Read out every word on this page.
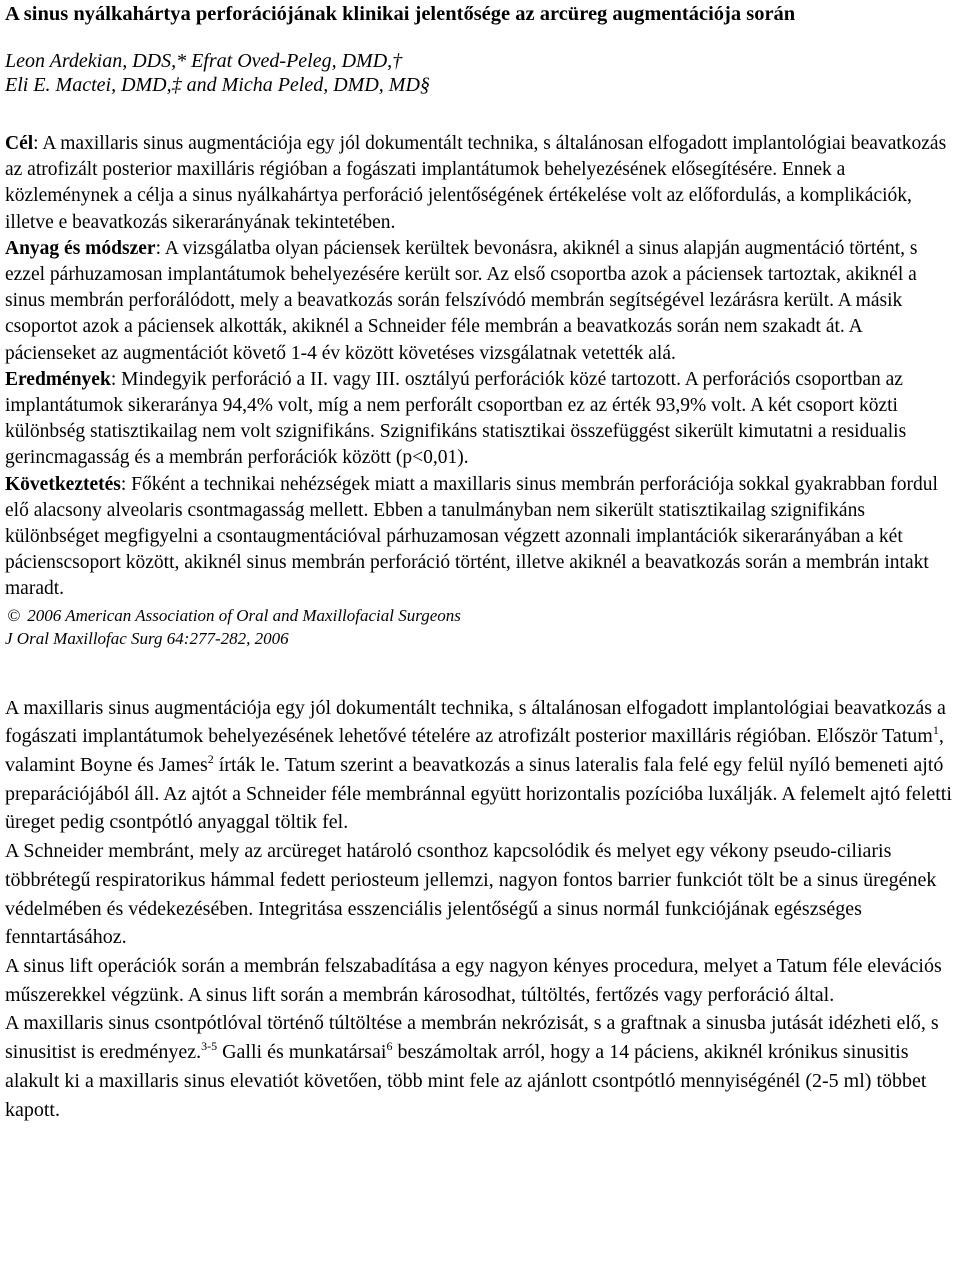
A sinus nyálkahártya perforációjának klinikai jelentősége az arcüreg augmentációja során
Leon Ardekian, DDS,* Efrat Oved-Peleg, DMD,†
Eli E. Mactei, DMD,‡ and Micha Peled, DMD, MD§

Cél: A maxillaris sinus augmentációja egy jól dokumentált technika, s általánosan elfogadott implantológiai beavatkozás az atrofizált posterior maxilláris régióban a fogászati implantátumok behelyezésének elősegítésére. Ennek a közleménynek a célja a sinus nyálkahártya perforáció jelentőségének értékelése volt az előfordulás, a komplikációk, illetve e beavatkozás sikerarányának tekintetében.

Anyag és módszer: A vizsgálatba olyan páciensek kerültek bevonásra, akiknél a sinus alapján augmentáció történt, s ezzel párhuzamosan implantátumok behelyezésére került sor. Az első csoportba azok a páciensek tartoztak, akiknél a sinus membrán perforálódott, mely a beavatkozás során felszívódó membrán segítségével lezárásra került. A másik csoportot azok a páciensek alkották, akiknél a Schneider féle membrán a beavatkozás során nem szakadt át. A pácienseket az augmentációt követő 1-4 év között követéses vizsgálatnak vetették alá.

Eredmények: Mindegyik perforáció a II. vagy III. osztályú perforációk közé tartozott. A perforációs csoportban az implantátumok sikeraránya 94,4% volt, míg a nem perforált csoportban ez az érték 93,9% volt. A két csoport közti különbség statisztikailag nem volt szignifikáns. Szignifikáns statisztikai összefüggést sikerült kimutatni a residualis gerincmagasság és a membrán perforációk között (p<0,01).

Következtetés: Főként a technikai nehézségek miatt a maxillaris sinus membrán perforációja sokkal gyakrabban fordul elő alacsony alveolaris csontmagasság mellett. Ebben a tanulmányban nem sikerült statisztikailag szignifikáns különbséget megfigyelni a csontaugmentációval párhuzamosan végzett azonnali implantációk sikerarányában a két pácienscsoport között, akiknél sinus membrán perforáció történt, illetve akiknél a beavatkozás során a membrán intakt maradt.

© 2006 American Association of Oral and Maxillofacial Surgeons
J Oral Maxillofac Surg 64:277-282, 2006

A maxillaris sinus augmentációja egy jól dokumentált technika, s általánosan elfogadott implantológiai beavatkozás a fogászati implantátumok behelyezésének lehetővé tételére az atrofizált posterior maxilláris régióban. Először Tatum$^1$, valamint Boyne és James$^2$ írták le. Tatum szerint a beavatkozás a sinus lateralis fala felé egy felül nyíló bemeneti ajtó preparációjából áll. Az ajtót a Schneider féle membránnal együtt horizontalis pozícióba luxálják. A felemelt ajtó feletti üreget pedig csontpótló anyaggal töltik fel.

A Schneider membránt, mely az arcüreget határoló csonthoz kapcsolódik és melyet egy vékony pseudo-ciliaris többrétegű respiratorikus hámmal fedett periosteum jellemzi, nagyon fontos barrier funkciót tölt be a sinus üregének védelmében és védekezésében. Integritása esszenciális jelentőségű a sinus normál funkciójának egészséges fenntartásához.

A sinus lift operációk során a membrán felszabadítása a egy nagyon kényes procedura, melyet a Tatum féle elevációs műszerekkel végzünk. A sinus lift során a membrán károsodhat, túltöltés, fertőzés vagy perforáció által.

A maxillaris sinus csontpótlóval történő túltöltése a membrán nekrózisát, s a graftnak a sinusba jutását idézheti elő, s sinusitist is eredményez.$^{3-5}$ Galli és munkatársai$^6$ beszámoltak arról, hogy a 14 páciens, akiknél krónikus sinusitis alakult ki a maxillaris sinus elevatiót követően, több mint fele az ajánlott csontpótló mennyiségénél (2-5 ml) többet kapott.
